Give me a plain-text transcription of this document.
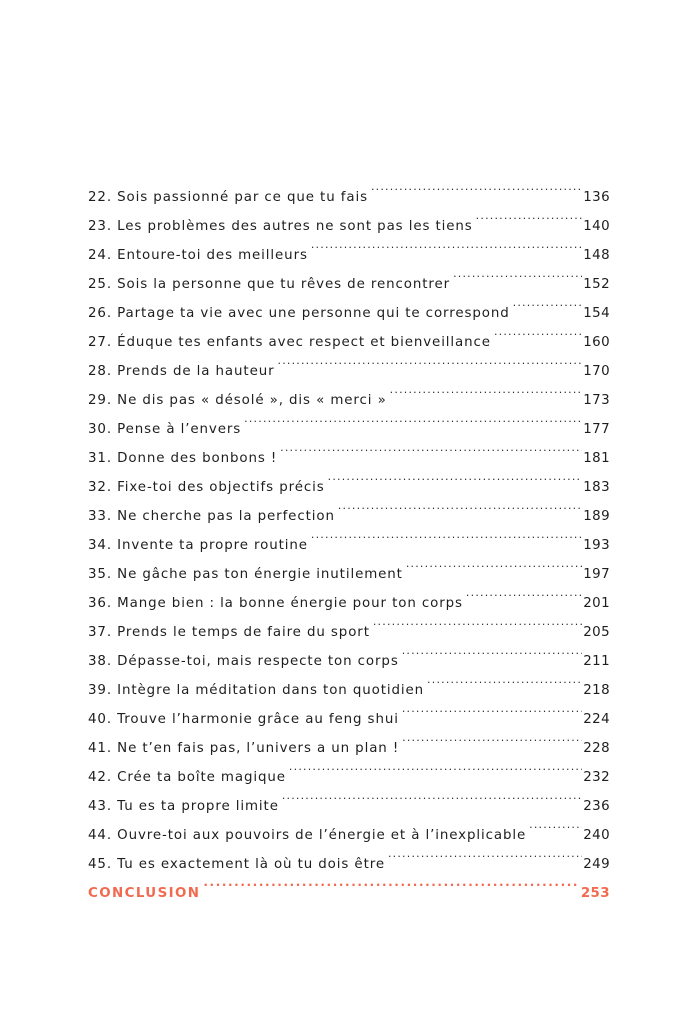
22. Sois passionné par ce que tu fais .....	136
23. Les problèmes des autres ne sont pas les tiens .....	140
24. Entoure-toi des meilleurs .....	148
25. Sois la personne que tu rêves de rencontrer .....	152
26. Partage ta vie avec une personne qui te correspond .....	154
27. Éduque tes enfants avec respect et bienveillance .....	160
28. Prends de la hauteur .....	170
29. Ne dis pas « désolé », dis « merci » .....	173
30. Pense à l’envers .....	177
31. Donne des bonbons ! .....	181
32. Fixe-toi des objectifs précis .....	183
33. Ne cherche pas la perfection .....	189
34. Invente ta propre routine .....	193
35. Ne gâche pas ton énergie inutilement .....	197
36. Mange bien : la bonne énergie pour ton corps .....	201
37. Prends le temps de faire du sport .....	205
38. Dépasse-toi, mais respecte ton corps .....	211
39. Intègre la méditation dans ton quotidien .....	218
40. Trouve l’harmonie grâce au feng shui .....	224
41. Ne t’en fais pas, l’univers a un plan ! .....	228
42. Crée ta boîte magique .....	232
43. Tu es ta propre limite .....	236
44. Ouvre-toi aux pouvoirs de l’énergie et à l’inexplicable .....	240
45. Tu es exactement là où tu dois être .....	249
CONCLUSION .....	253
